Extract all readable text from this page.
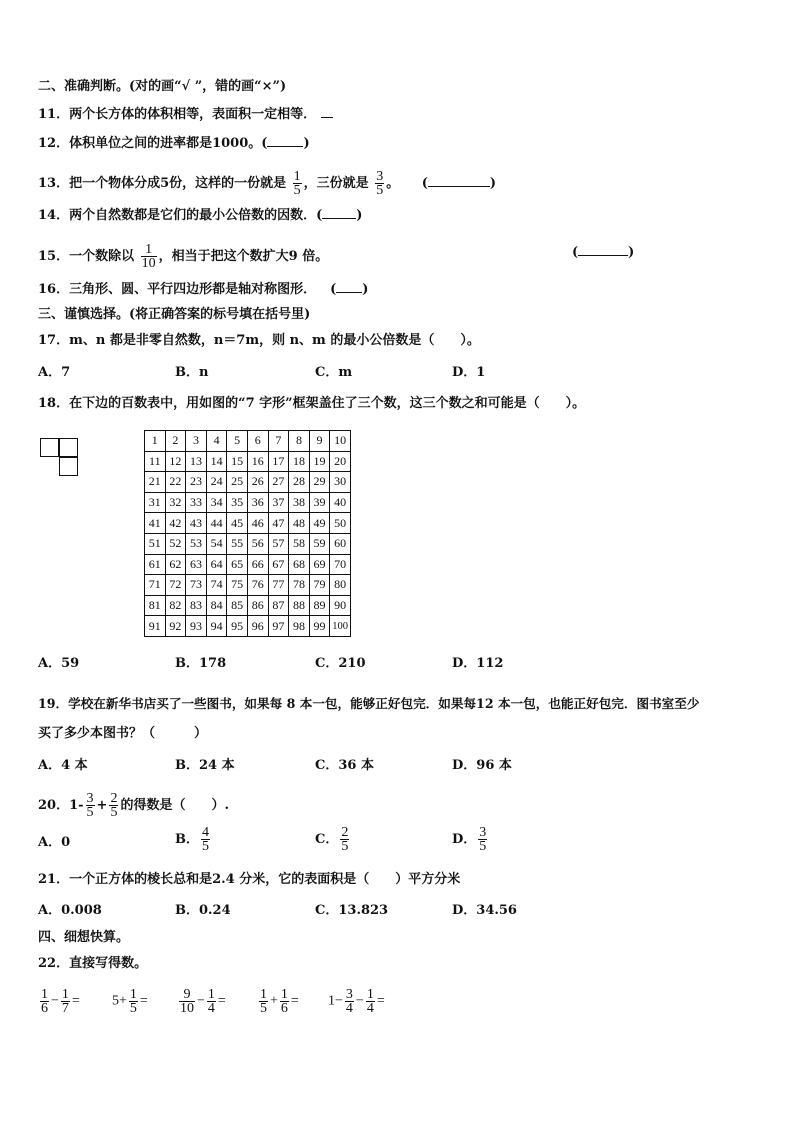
二、准确判断。(对的画“√ ”，错的画“×”)
11．两个长方体的体积相等，表面积一定相等．
12．体积单位之间的进率都是1000。(	)
13．把一个物体分成5份，这样的一份就是 $\frac{1}{5}$ ，三份就是 $\frac{3}{5}$ 。 (	)
14．两个自然数都是它们的最小公倍数的因数．(	)
15．一个数除以 $\frac{1}{10}$ ，相当于把这个数扩大9 倍。	(	)
16．三角形、圆、平行四边形都是轴对称图形． ( )
三、谨慎选择。(将正确答案的标号填在括号里)
17．m、n 都是非零自然数，n＝7m，则 n、m 的最小公倍数是（　　）。
A．7	B．n	C．m	D．1
18．在下边的百数表中，用如图的“7 字形”框架盖住了三个数，这三个数之和可能是（　　）。
1	2	3	4	5	6	7	8	9	10
11	12	13	14	15	16	17	18	19	20
21	22	23	24	25	26	27	28	29	30
31	32	33	34	35	36	37	38	39	40
41	42	43	44	45	46	47	48	49	50
51	52	53	54	55	56	57	58	59	60
61	62	63	64	65	66	67	68	69	70
71	72	73	74	75	76	77	78	79	80
81	82	83	84	85	86	87	88	89	90
91	92	93	94	95	96	97	98	99	100
A．59	B．178	C．210	D．112
19．学校在新华书店买了一些图书，如果每 8 本一包，能够正好包完．如果每12 本一包，也能正好包完．图书室至少
买了多少本图书？（　　　）
A．4 本	B．24 本	C．36 本	D．96 本
20．$1- \frac{3}{5} + \frac{2}{5}$ 的得数是（　　）.
A．0	B． $\frac{4}{5}$	C． $\frac{2}{5}$	D． $\frac{3}{5}$
21．一个正方体的棱长总和是2.4 分米，它的表面积是（　　）平方分米
A．0.008	B．0.24	C．13.823	D．34.56
四、细想快算。
22．直接写得数。
$\frac{1}{6} - \frac{1}{7} = 5+ \frac{1}{5} = \frac{9}{10} - \frac{1}{4} = \frac{1}{5} + \frac{1}{6} = 1- \frac{3}{4} - \frac{1}{4}$ =
